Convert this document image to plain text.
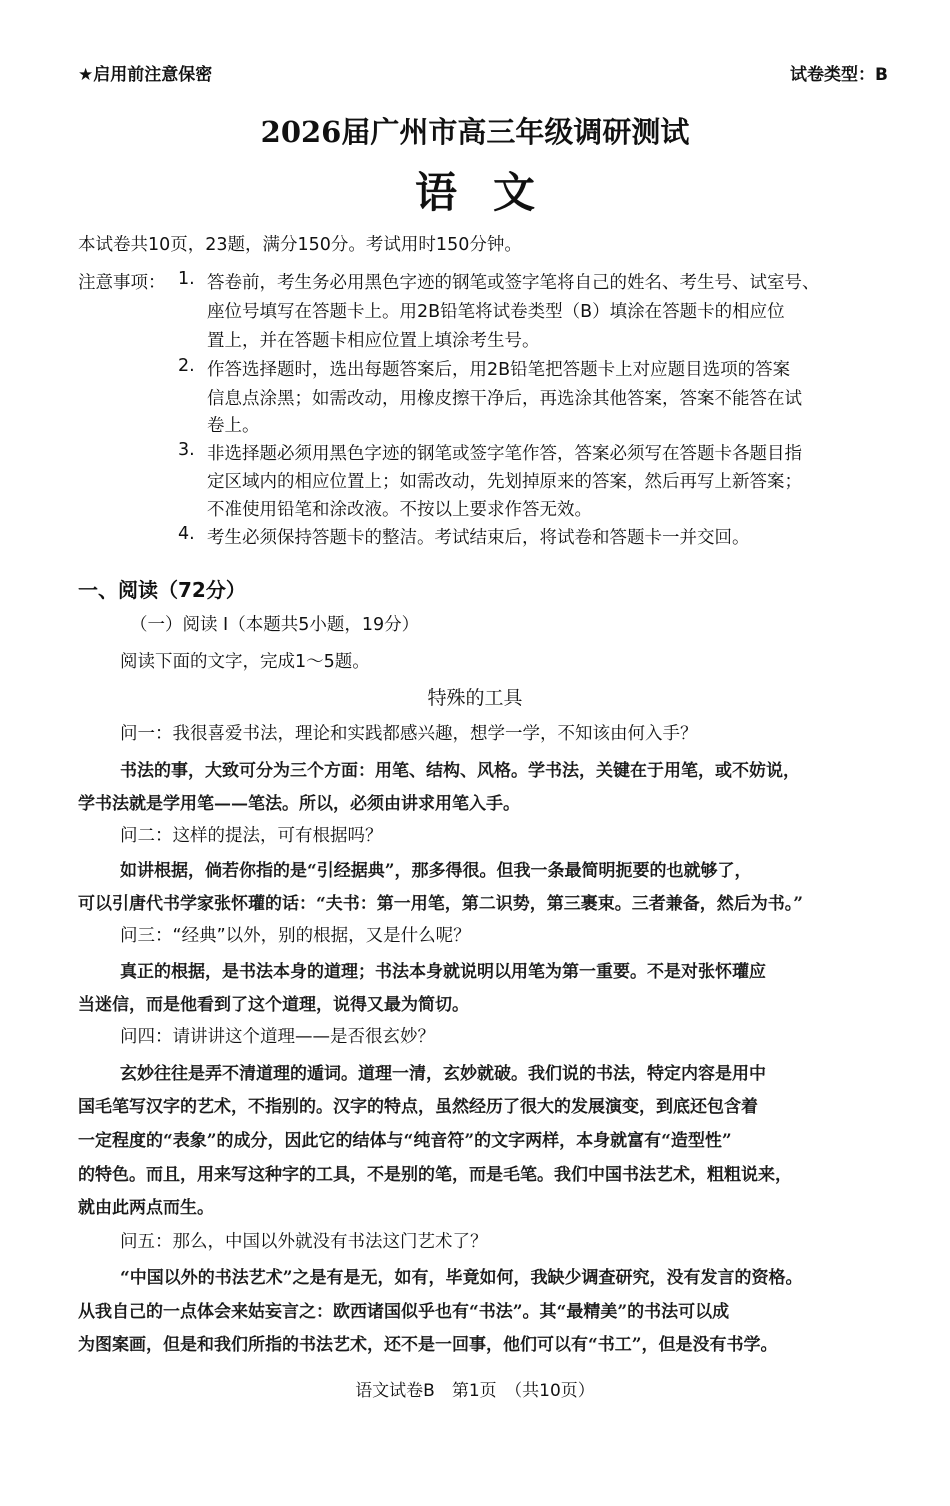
★启用前注意保密	试卷类型：B
2026届广州市高三年级调研测试
语文
本试卷共10页，23题，满分150分。考试用时150分钟。
注意事项： 1. 答卷前，考生务必用黑色字迹的钢笔或签字笔将自己的姓名、考生号、试室号、
座位号填写在答题卡上。用2B铅笔将试卷类型（B）填涂在答题卡的相应位
置上，并在答题卡相应位置上填涂考生号。
2. 作答选择题时，选出每题答案后，用2B铅笔把答题卡上对应题目选项的答案
信息点涂黑；如需改动，用橡皮擦干净后，再选涂其他答案，答案不能答在试
卷上。
3. 非选择题必须用黑色字迹的钢笔或签字笔作答，答案必须写在答题卡各题目指
定区域内的相应位置上；如需改动，先划掉原来的答案，然后再写上新答案；
不准使用铅笔和涂改液。不按以上要求作答无效。
4. 考生必须保持答题卡的整洁。考试结束后，将试卷和答题卡一并交回。
一、阅读（72分）
（一）阅读 I（本题共5小题，19分）
阅读下面的文字，完成1～5题。
特殊的工具
问一：我很喜爱书法，理论和实践都感兴趣，想学一学，不知该由何入手？
书法的事，大致可分为三个方面：用笔、结构、风格。学书法，关键在于用笔，或不妨说，
学书法就是学用笔——笔法。所以，必须由讲求用笔入手。
问二：这样的提法，可有根据吗？
如讲根据，倘若你指的是“引经据典”，那多得很。但我一条最简明扼要的也就够了，
可以引唐代书学家张怀瓘的话：“夫书：第一用笔，第二识势，第三裹束。三者兼备，然后为书。”
问三：“经典”以外，别的根据，又是什么呢？
真正的根据，是书法本身的道理；书法本身就说明以用笔为第一重要。不是对张怀瓘应
当迷信，而是他看到了这个道理，说得又最为简切。
问四：请讲讲这个道理——是否很玄妙？
玄妙往往是弄不清道理的遁词。道理一清，玄妙就破。我们说的书法，特定内容是用中
国毛笔写汉字的艺术，不指别的。汉字的特点，虽然经历了很大的发展演变，到底还包含着
一定程度的“表象”的成分，因此它的结体与“纯音符”的文字两样，本身就富有“造型性”
的特色。而且，用来写这种字的工具，不是别的笔，而是毛笔。我们中国书法艺术，粗粗说来，
就由此两点而生。
问五：那么，中国以外就没有书法这门艺术了？
“中国以外的书法艺术”之是有是无，如有，毕竟如何，我缺少调查研究，没有发言的资格。
从我自己的一点体会来姑妄言之：欧西诸国似乎也有“书法”。其“最精美”的书法可以成
为图案画，但是和我们所指的书法艺术，还不是一回事，他们可以有“书工”，但是没有书学。
语文试卷B　第1页　（共10页）
